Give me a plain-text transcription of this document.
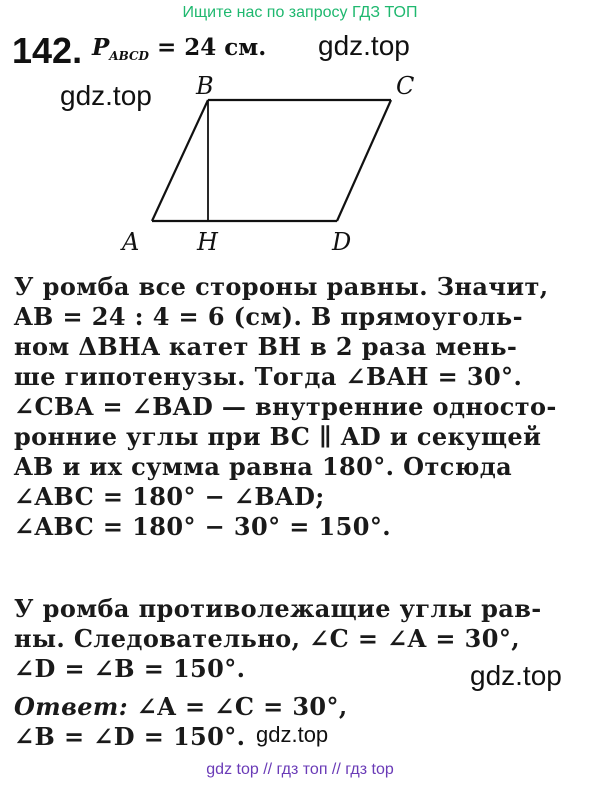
Ищите нас по запросу ГДЗ ТОП
142. $P_{ABCD} = 24$ см. gdz.top
gdz.top B	C
A H	D
У ромба все стороны равны. Значит,
AB = 24 : 4 = 6 (см). В прямоуголь-
ном ΔBHA катет BH в 2 раза мень-
ше гипотенузы. Тогда ∠BAH = 30°.
∠CBA = ∠BAD — внутренние односто-
ронние углы при BC ∥ AD и секущей
AB и их сумма равна 180°. Отсюда
∠ABC = 180° − ∠BAD;
∠ABC = 180° − 30° = 150°.
У ромба противолежащие углы рав-
ны. Следовательно, ∠C = ∠A = 30°,
∠D = ∠B = 150°.	gdz.top
Ответ: ∠A = ∠C = 30°,
∠B = ∠D = 150°. gdz.top
gdz top // гдз топ // гдз top
